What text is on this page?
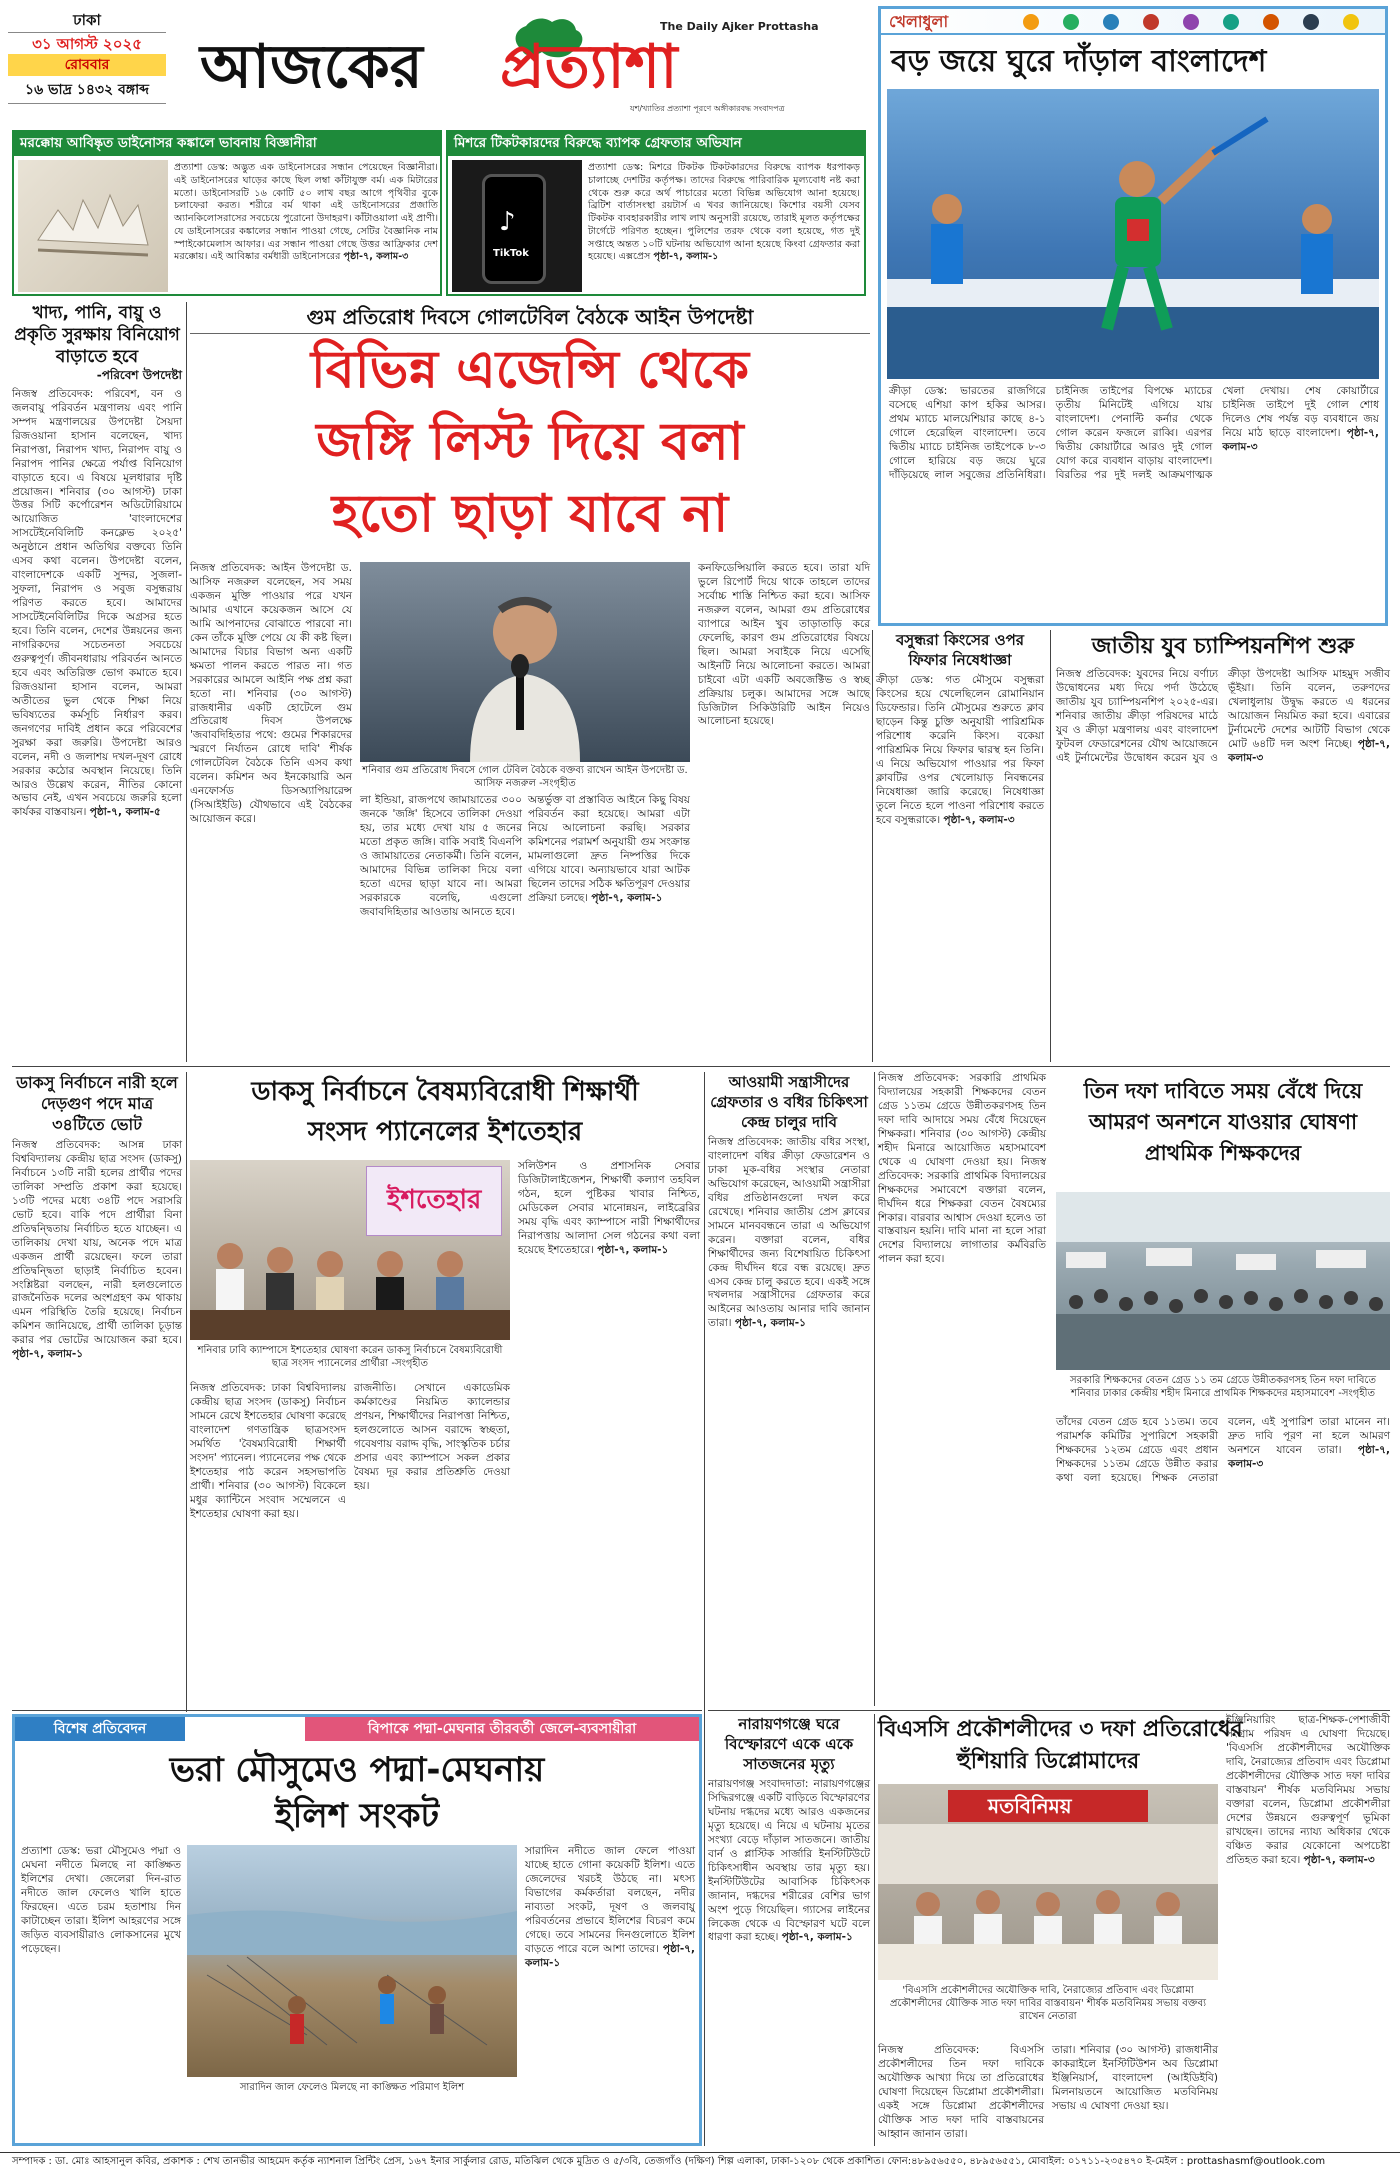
ঢাকা
৩১ আগস্ট ২০২৫
রোববার
১৬ ভাদ্র ১৪৩২ বঙ্গাব্দ
The Daily Ajker Prottasha
আজকের প্রত্যাশা
যশ/খ্যাতির প্রত্যাশা পূরণে অঙ্গীকারবদ্ধ সংবাদপত্র
মরক্কোয় আবিষ্কৃত ডাইনোসর কঙ্কালে ভাবনায় বিজ্ঞানীরা
প্রত্যাশা ডেস্ক: অদ্ভুত এক ডাইনোসরের সন্ধান পেয়েছেন বিজ্ঞানীরা। এই ডাইনোসরের ঘাড়ের কাছে ছিল লম্বা কাঁটাযুক্ত বর্ম। এক মিটারের মতো। ডাইনোসরটি ১৬ কোটি ৫০ লাখ বছর আগে পৃথিবীর বুকে চলাফেরা করত। শরীরে বর্ম থাকা এই ডাইনোসরের প্রজাতি অ্যানকিলোসরাসের সবচেয়ে পুরোনো উদাহরণ। কাঁটাওয়ালা এই প্রাণী। যে ডাইনোসরের কঙ্কালের সন্ধান পাওয়া গেছে, সেটির বৈজ্ঞানিক নাম স্পাইকোমেলাস আফার। এর সন্ধান পাওয়া গেছে উত্তর আফ্রিকার দেশ মরক্কোয়। এই আবিষ্কার বর্মধারী ডাইনোসরের পৃষ্ঠা-৭, কলাম-৩
মিশরে টিকটকারদের বিরুদ্ধে ব্যাপক গ্রেফতার অভিযান
♪
TikTok
প্রত্যাশা ডেস্ক: মিশরে টিকটক টিকটকারদের বিরুদ্ধে ব্যাপক ধরপাকড় চালাচ্ছে দেশটির কর্তৃপক্ষ। তাদের বিরুদ্ধে পারিবারিক মূল্যবোধ নষ্ট করা থেকে শুরু করে অর্থ পাচারের মতো বিভিন্ন অভিযোগ আনা হয়েছে। ব্রিটিশ বার্তাসংস্থা রয়টার্স এ খবর জানিয়েছে। কিশোর বয়সী যেসব টিকটক ব্যবহারকারীর লাখ লাখ অনুসারী রয়েছে, তারাই মূলত কর্তৃপক্ষের টার্গেটে পরিণত হচ্ছেন। পুলিশের তরফ থেকে বলা হয়েছে, গত দুই সপ্তাহে অন্তত ১০টি ঘটনায় অভিযোগ আনা হয়েছে কিংবা গ্রেফতার করা হয়েছে। এক্সপ্রেস পৃষ্ঠা-৭, কলাম-১
খেলাধুলা
বড় জয়ে ঘুরে দাঁড়াল বাংলাদেশ
ক্রীড়া ডেস্ক: ভারতের রাজগিরে বসেছে এশিয়া কাপ হকির আসর। প্রথম ম্যাচে মালয়েশিয়ার কাছে ৪-১ গোলে হেরেছিল বাংলাদেশ। তবে দ্বিতীয় ম্যাচে চাইনিজ তাইপেকে ৮-৩ গোলে হারিয়ে বড় জয়ে ঘুরে দাঁড়িয়েছে লাল সবুজের প্রতিনিধিরা। চাইনিজ তাইপের বিপক্ষে ম্যাচের তৃতীয় মিনিটেই এগিয়ে যায় বাংলাদেশ। পেনাল্টি কর্নার থেকে গোল করেন ফজলে রাব্বি। এরপর দ্বিতীয় কোয়ার্টারে আরও দুই গোল যোগ করে ব্যবধান বাড়ায় বাংলাদেশ। বিরতির পর দুই দলই আক্রমণাত্মক খেলা দেখায়। শেষ কোয়ার্টারে চাইনিজ তাইপে দুই গোল শোধ দিলেও শেষ পর্যন্ত বড় ব্যবধানে জয় নিয়ে মাঠ ছাড়ে বাংলাদেশ। পৃষ্ঠা-৭, কলাম-৩
খাদ্য, পানি, বায়ু ও প্রকৃতি সুরক্ষায় বিনিয়োগ বাড়াতে হবে
-পরিবেশ উপদেষ্টা
নিজস্ব প্রতিবেদক: পরিবেশ, বন ও জলবায়ু পরিবর্তন মন্ত্রণালয় এবং পানি সম্পদ মন্ত্রণালয়ের উপদেষ্টা সৈয়দা রিজওয়ানা হাসান বলেছেন, খাদ্য নিরাপত্তা, নিরাপদ খাদ্য, নিরাপদ বায়ু ও নিরাপদ পানির ক্ষেত্রে পর্যাপ্ত বিনিয়োগ বাড়াতে হবে। এ বিষয়ে মূলধারার দৃষ্টি প্রয়োজন। শনিবার (৩০ আগস্ট) ঢাকা উত্তর সিটি কর্পোরেশন অডিটোরিয়ামে আয়োজিত 'বাংলাদেশের সাসটেইনেবিলিটি কনক্লেভ ২০২৫' অনুষ্ঠানে প্রধান অতিথির বক্তব্যে তিনি এসব কথা বলেন। উপদেষ্টা বলেন, বাংলাদেশকে একটি সুন্দর, সুজলা-সুফলা, নিরাপদ ও সবুজ বসুন্ধরায় পরিণত করতে হবে। আমাদের সাসটেইনেবিলিটির দিকে অগ্রসর হতে হবে। তিনি বলেন, দেশের উন্নয়নের জন্য নাগরিকদের সচেতনতা সবচেয়ে গুরুত্বপূর্ণ। জীবনধারায় পরিবর্তন আনতে হবে এবং অতিরিক্ত ভোগ কমাতে হবে। রিজওয়ানা হাসান বলেন, আমরা অতীতের ভুল থেকে শিক্ষা নিয়ে ভবিষ্যতের কর্মসূচি নির্ধারণ করব। জনগণের দাবিই প্রধান করে পরিবেশের সুরক্ষা করা জরুরি। উপদেষ্টা আরও বলেন, নদী ও জলাশয় দখল-দূষণ রোধে সরকার কঠোর অবস্থান নিয়েছে। তিনি আরও উল্লেখ করেন, নীতির কোনো অভাব নেই, এখন সবচেয়ে জরুরি হলো কার্যকর বাস্তবায়ন। পৃষ্ঠা-৭, কলাম-৫
গুম প্রতিরোধ দিবসে গোলটেবিল বৈঠকে আইন উপদেষ্টা
বিভিন্ন এজেন্সি থেকে
জঙ্গি লিস্ট দিয়ে বলা
হতো ছাড়া যাবে না
নিজস্ব প্রতিবেদক: আইন উপদেষ্টা ড. আসিফ নজরুল বলেছেন, সব সময় একজন মুক্তি পাওয়ার পরে যখন আমার এখানে কয়েকজন আসে যে আমি আপনাদের বোঝাতে পারবো না। কেন তাঁকে মুক্তি পেয়ে যে কী কষ্ট ছিল। আমাদের বিচার বিভাগ অন্য একটি ক্ষমতা পালন করতে পারত না। গত সরকারের আমলে আইনি পক্ষ প্রশ্ন করা হতো না। শনিবার (৩০ আগস্ট) রাজধানীর একটি হোটেলে গুম প্রতিরোধ দিবস উপলক্ষে 'জবাবদিহিতার পথে: গুমের শিকারদের স্মরণে নির্যাতন রোধে দাবি' শীর্ষক গোলটেবিল বৈঠকে তিনি এসব কথা বলেন। কমিশন অব ইনকোয়ারি অন এনফোর্সড ডিসঅ্যাপিয়ারেন্স (সিআইইডি) যৌথভাবে এই বৈঠকের আয়োজন করে।
শনিবার গুম প্রতিরোধ দিবসে গোল টেবিল বৈঠকে বক্তব্য রাখেন আইন উপদেষ্টা ড. আসিফ নজরুল -সংগৃহীত
কনফিডেন্সিয়ালি করতে হবে। তারা যদি ভুলে রিপোর্ট দিয়ে থাকে তাহলে তাদের সর্বোচ্চ শাস্তি নিশ্চিত করা হবে। আসিফ নজরুল বলেন, আমরা গুম প্রতিরোধের ব্যাপারে আইন খুব তাড়াতাড়ি করে ফেলেছি, কারণ গুম প্রতিরোধের বিষয়ে ছিল। আমরা সবাইকে নিয়ে এসেছি আইনটি নিয়ে আলোচনা করতে। আমরা চাইবো এটা একটি অবজেক্টিভ ও স্বচ্ছ প্রক্রিয়ায় চলুক। আমাদের সঙ্গে আছে ডিজিটাল সিকিউরিটি আইন নিয়েও আলোচনা হয়েছে।
লা ইন্ডিয়া, রাজপথে জামায়াতের ৩০০ জনকে 'জঙ্গি' হিসেবে তালিকা দেওয়া হয়, তার মধ্যে দেখা যায় ৫ জনের মতো প্রকৃত জঙ্গি। বাকি সবাই বিএনপি ও জামায়াতের নেতাকর্মী। তিনি বলেন, আমাদের বিভিন্ন তালিকা দিয়ে বলা হতো এদের ছাড়া যাবে না। আমরা সরকারকে বলেছি, এগুলো জবাবদিহিতার আওতায় আনতে হবে।
অন্তর্ভুক্ত বা প্রস্তাবিত আইনে কিছু বিষয় পরিবর্তন করা হয়েছে। আমরা এটা নিয়ে আলোচনা করছি। সরকার কমিশনের পরামর্শ অনুযায়ী গুম সংক্রান্ত মামলাগুলো দ্রুত নিষ্পত্তির দিকে এগিয়ে যাবে। অন্যায়ভাবে যারা আটক ছিলেন তাদের সঠিক ক্ষতিপূরণ দেওয়ার প্রক্রিয়া চলছে। পৃষ্ঠা-৭, কলাম-১
বসুন্ধরা কিংসের ওপর ফিফার নিষেধাজ্ঞা
ক্রীড়া ডেস্ক: গত মৌসুমে বসুন্ধরা কিংসের হয়ে খেলেছিলেন রোমানিয়ান ডিফেন্ডার। তিনি মৌসুমের শুরুতে ক্লাব ছাড়েন কিন্তু চুক্তি অনুযায়ী পারিশ্রমিক পরিশোধ করেনি কিংস। বকেয়া পারিশ্রমিক নিয়ে ফিফার দ্বারস্থ হন তিনি। এ নিয়ে অভিযোগ পাওয়ার পর ফিফা ক্লাবটির ওপর খেলোয়াড় নিবন্ধনের নিষেধাজ্ঞা জারি করেছে। নিষেধাজ্ঞা তুলে নিতে হলে পাওনা পরিশোধ করতে হবে বসুন্ধরাকে। পৃষ্ঠা-৭, কলাম-৩
জাতীয় যুব চ্যাম্পিয়নশিপ শুরু
নিজস্ব প্রতিবেদক: যুবদের নিয়ে বর্ণাঢ্য উদ্বোধনের মধ্য দিয়ে পর্দা উঠেছে জাতীয় যুব চ্যাম্পিয়নশিপ ২০২৫-এর। শনিবার জাতীয় ক্রীড়া পরিষদের মাঠে যুব ও ক্রীড়া মন্ত্রণালয় এবং বাংলাদেশ ফুটবল ফেডারেশনের যৌথ আয়োজনে এই টুর্নামেন্টের উদ্বোধন করেন যুব ও ক্রীড়া উপদেষ্টা আসিফ মাহমুদ সজীব ভূঁইয়া। তিনি বলেন, তরুণদের খেলাধুলায় উদ্বুদ্ধ করতে এ ধরনের আয়োজন নিয়মিত করা হবে। এবারের টুর্নামেন্টে দেশের আটটি বিভাগ থেকে মোট ৬৪টি দল অংশ নিচ্ছে। পৃষ্ঠা-৭, কলাম-৩
ডাকসু নির্বাচনে নারী হলে দেড়গুণ পদে মাত্র ৩৪টিতে ভোট
নিজস্ব প্রতিবেদক: আসন্ন ঢাকা বিশ্ববিদ্যালয় কেন্দ্রীয় ছাত্র সংসদ (ডাকসু) নির্বাচনে ১৩টি নারী হলের প্রার্থীর পদের তালিকা সম্প্রতি প্রকাশ করা হয়েছে। ১৩টি পদের মধ্যে ৩৪টি পদে সরাসরি ভোট হবে। বাকি পদে প্রার্থীরা বিনা প্রতিদ্বন্দ্বিতায় নির্বাচিত হতে যাচ্ছেন। এ তালিকায় দেখা যায়, অনেক পদে মাত্র একজন প্রার্থী রয়েছেন। ফলে তারা প্রতিদ্বন্দ্বিতা ছাড়াই নির্বাচিত হবেন। সংশ্লিষ্টরা বলছেন, নারী হলগুলোতে রাজনৈতিক দলের অংশগ্রহণ কম থাকায় এমন পরিস্থিতি তৈরি হয়েছে। নির্বাচন কমিশন জানিয়েছে, প্রার্থী তালিকা চূড়ান্ত করার পর ভোটের আয়োজন করা হবে। পৃষ্ঠা-৭, কলাম-১
ডাকসু নির্বাচনে বৈষম্যবিরোধী শিক্ষার্থী
সংসদ প্যানেলের ইশতেহার
ইশতেহার
শনিবার ঢাবি ক্যাম্পাসে ইশতেহার ঘোষণা করেন ডাকসু নির্বাচনে বৈষম্যবিরোধী ছাত্র সংসদ প্যানেলের প্রার্থীরা -সংগৃহীত
নিজস্ব প্রতিবেদক: ঢাকা বিশ্ববিদ্যালয় কেন্দ্রীয় ছাত্র সংসদ (ডাকসু) নির্বাচন সামনে রেখে ইশতেহার ঘোষণা করেছে বাংলাদেশ গণতান্ত্রিক ছাত্রসংসদ সমর্থিত 'বৈষম্যবিরোধী শিক্ষার্থী সংসদ' প্যানেল। প্যানেলের পক্ষ থেকে ইশতেহার পাঠ করেন সহসভাপতি প্রার্থী। শনিবার (৩০ আগস্ট) বিকেলে মধুর ক্যান্টিনে সংবাদ সম্মেলনে এ ইশতেহার ঘোষণা করা হয়।
রাজনীতি। সেখানে একাডেমিক কর্মকাণ্ডের নিয়মিত ক্যালেন্ডার প্রণয়ন, শিক্ষার্থীদের নিরাপত্তা নিশ্চিত, হলগুলোতে আসন বরাদ্দে স্বচ্ছতা, গবেষণায় বরাদ্দ বৃদ্ধি, সাংস্কৃতিক চর্চার প্রসার এবং ক্যাম্পাসে সকল প্রকার বৈষম্য দূর করার প্রতিশ্রুতি দেওয়া হয়।
সলিউশন ও প্রশাসনিক সেবার ডিজিটালাইজেশন, শিক্ষার্থী কল্যাণ তহবিল গঠন, হলে পুষ্টিকর খাবার নিশ্চিত, মেডিকেল সেবার মানোন্নয়ন, লাইব্রেরির সময় বৃদ্ধি এবং ক্যাম্পাসে নারী শিক্ষার্থীদের নিরাপত্তায় আলাদা সেল গঠনের কথা বলা হয়েছে ইশতেহারে। পৃষ্ঠা-৭, কলাম-১
আওয়ামী সন্ত্রাসীদের গ্রেফতার ও বধির চিকিৎসা কেন্দ্র চালুর দাবি
নিজস্ব প্রতিবেদক: জাতীয় বধির সংস্থা, বাংলাদেশ বধির ক্রীড়া ফেডারেশন ও ঢাকা মূক-বধির সংস্থার নেতারা অভিযোগ করেছেন, আওয়ামী সন্ত্রাসীরা বধির প্রতিষ্ঠানগুলো দখল করে রেখেছে। শনিবার জাতীয় প্রেস ক্লাবের সামনে মানববন্ধনে তারা এ অভিযোগ করেন। বক্তারা বলেন, বধির শিক্ষার্থীদের জন্য বিশেষায়িত চিকিৎসা কেন্দ্র দীর্ঘদিন ধরে বন্ধ রয়েছে। দ্রুত এসব কেন্দ্র চালু করতে হবে। একই সঙ্গে দখলদার সন্ত্রাসীদের গ্রেফতার করে আইনের আওতায় আনার দাবি জানান তারা। পৃষ্ঠা-৭, কলাম-১
নিজস্ব প্রতিবেদক: সরকারি প্রাথমিক বিদ্যালয়ের সহকারী শিক্ষকদের বেতন গ্রেড ১১তম গ্রেডে উন্নীতকরণসহ তিন দফা দাবি আদায়ে সময় বেঁধে দিয়েছেন শিক্ষকরা। শনিবার (৩০ আগস্ট) কেন্দ্রীয় শহীদ মিনারে আয়োজিত মহাসমাবেশ থেকে এ ঘোষণা দেওয়া হয়। নিজস্ব প্রতিবেদক: সরকারি প্রাথমিক বিদ্যালয়ের শিক্ষকদের সমাবেশে বক্তারা বলেন, দীর্ঘদিন ধরে শিক্ষকরা বেতন বৈষম্যের শিকার। বারবার আশ্বাস দেওয়া হলেও তা বাস্তবায়ন হয়নি। দাবি মানা না হলে সারা দেশের বিদ্যালয়ে লাগাতার কর্মবিরতি পালন করা হবে।
তিন দফা দাবিতে সময় বেঁধে দিয়ে আমরণ অনশনে যাওয়ার ঘোষণা প্রাথমিক শিক্ষকদের
সরকারি শিক্ষকদের বেতন গ্রেড ১১ তম গ্রেডে উন্নীতকরণসহ তিন দফা দাবিতে শনিবার ঢাকার কেন্দ্রীয় শহীদ মিনারে প্রাথমিক শিক্ষকদের মহাসমাবেশ -সংগৃহীত
তাঁদের বেতন গ্রেড হবে ১১তম। তবে পরামর্শক কমিটির সুপারিশে সহকারী শিক্ষকদের ১২তম গ্রেডে এবং প্রধান শিক্ষকদের ১১তম গ্রেডে উন্নীত করার কথা বলা হয়েছে। শিক্ষক নেতারা বলেন, এই সুপারিশ তারা মানেন না। দ্রুত দাবি পূরণ না হলে আমরণ অনশনে যাবেন তারা। পৃষ্ঠা-৭, কলাম-৩
বিশেষ প্রতিবেদন	বিপাকে পদ্মা-মেঘনার তীরবর্তী জেলে-ব্যবসায়ীরা
ভরা মৌসুমেও পদ্মা-মেঘনায়
ইলিশ সংকট
প্রত্যাশা ডেস্ক: ভরা মৌসুমেও পদ্মা ও মেঘনা নদীতে মিলছে না কাঙ্ক্ষিত ইলিশের দেখা। জেলেরা দিন-রাত নদীতে জাল ফেলেও খালি হাতে ফিরছেন। এতে চরম হতাশায় দিন কাটাচ্ছেন তারা। ইলিশ আহরণের সঙ্গে জড়িত ব্যবসায়ীরাও লোকসানের মুখে পড়েছেন।
সারাদিন জাল ফেলেও মিলছে না কাঙ্ক্ষিত পরিমাণ ইলিশ
সারাদিন নদীতে জাল ফেলে পাওয়া যাচ্ছে হাতে গোনা কয়েকটি ইলিশ। এতে জেলেদের খরচই উঠছে না। মৎস্য বিভাগের কর্মকর্তারা বলছেন, নদীর নাব্যতা সংকট, দূষণ ও জলবায়ু পরিবর্তনের প্রভাবে ইলিশের বিচরণ কমে গেছে। তবে সামনের দিনগুলোতে ইলিশ বাড়তে পারে বলে আশা তাদের। পৃষ্ঠা-৭, কলাম-১
নারায়ণগঞ্জে ঘরে বিস্ফোরণে একে একে সাতজনের মৃত্যু
নারায়ণগঞ্জ সংবাদদাতা: নারায়ণগঞ্জের সিদ্ধিরগঞ্জে একটি বাড়িতে বিস্ফোরণের ঘটনায় দগ্ধদের মধ্যে আরও একজনের মৃত্যু হয়েছে। এ নিয়ে এ ঘটনায় মৃতের সংখ্যা বেড়ে দাঁড়াল সাতজনে। জাতীয় বার্ন ও প্লাস্টিক সার্জারি ইনস্টিটিউটে চিকিৎসাধীন অবস্থায় তার মৃত্যু হয়। ইনস্টিটিউটের আবাসিক চিকিৎসক জানান, দগ্ধদের শরীরের বেশির ভাগ অংশ পুড়ে গিয়েছিল। গ্যাসের লাইনের লিকেজ থেকে এ বিস্ফোরণ ঘটে বলে ধারণা করা হচ্ছে। পৃষ্ঠা-৭, কলাম-১
বিএসসি প্রকৌশলীদের ৩ দফা প্রতিরোধের
হুঁশিয়ারি ডিপ্লোমাদের
মতবিনিময়
'বিএসসি প্রকৌশলীদের অযৌক্তিক দাবি, নৈরাজ্যের প্রতিবাদ এবং ডিপ্লোমা প্রকৌশলীদের যৌক্তিক সাত দফা দাবির বাস্তবায়ন' শীর্ষক মতবিনিময় সভায় বক্তব্য রাখেন নেতারা
নিজস্ব প্রতিবেদক: বিএসসি প্রকৌশলীদের তিন দফা দাবিকে অযৌক্তিক আখ্যা দিয়ে তা প্রতিরোধের ঘোষণা দিয়েছেন ডিপ্লোমা প্রকৌশলীরা। একই সঙ্গে ডিপ্লোমা প্রকৌশলীদের যৌক্তিক সাত দফা দাবি বাস্তবায়নের আহ্বান জানান তারা।
তারা। শনিবার (৩০ আগস্ট) রাজধানীর কাকরাইলে ইনস্টিটিউশন অব ডিপ্লোমা ইঞ্জিনিয়ার্স, বাংলাদেশ (আইডিইবি) মিলনায়তনে আয়োজিত মতবিনিময় সভায় এ ঘোষণা দেওয়া হয়।
ইঞ্জিনিয়ারিং ছাত্র-শিক্ষক-পেশাজীবী সংগ্রাম পরিষদ এ ঘোষণা দিয়েছে। 'বিএসসি প্রকৌশলীদের অযৌক্তিক দাবি, নৈরাজ্যের প্রতিবাদ এবং ডিপ্লোমা প্রকৌশলীদের যৌক্তিক সাত দফা দাবির বাস্তবায়ন' শীর্ষক মতবিনিময় সভায় বক্তারা বলেন, ডিপ্লোমা প্রকৌশলীরা দেশের উন্নয়নে গুরুত্বপূর্ণ ভূমিকা রাখছেন। তাদের ন্যায্য অধিকার থেকে বঞ্চিত করার যেকোনো অপচেষ্টা প্রতিহত করা হবে। পৃষ্ঠা-৭, কলাম-৩
সম্পাদক : ডা. মোঃ আহসানুল কবির, প্রকাশক : শেখ তানভীর আহমেদ কর্তৃক ন্যাশনাল প্রিন্টিং প্রেস, ১৬৭ ইনার সার্কুলার রোড, মতিঝিল থেকে মুদ্রিত ও ৫/৩বি, তেজগাঁও (দক্ষিণ) শিল্প এলাকা, ঢাকা-১২০৮ থেকে প্রকাশিত। ফোন:৪৮৯৫৬৫৫০, ৪৮৯৫৬৫৫১, মোবাইল: ০১৭১১-২৩৫৪৭০ ই-মেইল : prottashasmf@outlook.com
